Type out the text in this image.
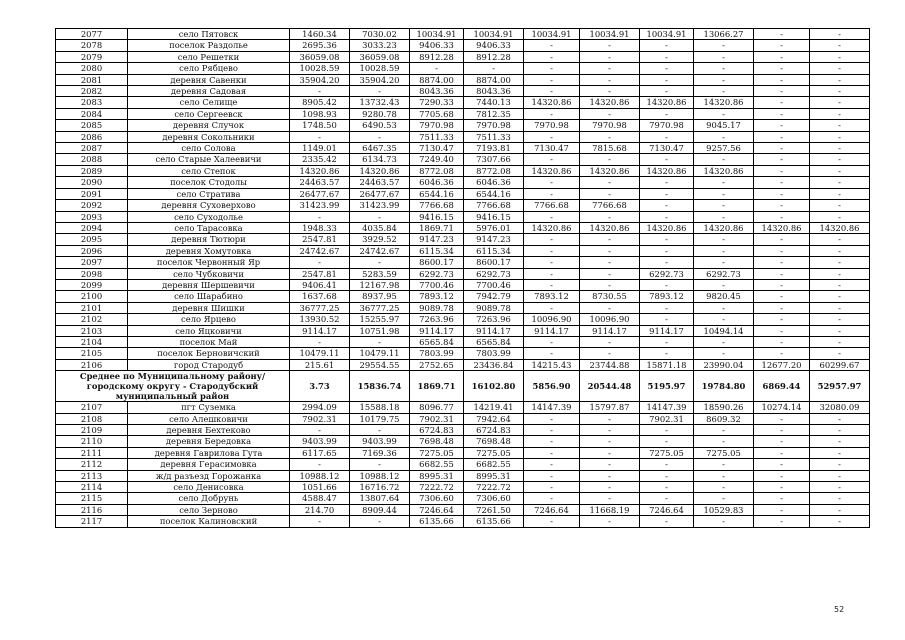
2077	село Пятовск	1460.34	7030.02	10034.91	10034.91	10034.91	10034.91	10034.91	13066.27	-	-
2078	поселок Раздолье	2695.36	3033.23	9406.33	9406.33	-	-	-	-	-	-
2079	село Решетки	36059.08	36059.08	8912.28	8912.28	-	-	-	-	-	-
2080	село Рябцево	10028.59	10028.59	-	-	-	-	-	-	-	-
2081	деревня Савенки	35904.20	35904.20	8874.00	8874.00	-	-	-	-	-	-
2082	деревня Садовая	-	-	8043.36	8043.36	-	-	-	-	-	-
2083	село Селище	8905.42	13732.43	7290.33	7440.13	14320.86	14320.86	14320.86	14320.86	-	-
2084	село Сергеевск	1098.93	9280.78	7705.68	7812.35	-	-	-	-	-	-
2085	деревня Случок	1748.50	6490.53	7970.98	7970.98	7970.98	7970.98	7970.98	9045.17	-	-
2086	деревня Сокольники	-	-	7511.33	7511.33	-	-	-	-	-	-
2087	село Солова	1149.01	6467.35	7130.47	7193.81	7130.47	7815.68	7130.47	9257.56	-	-
2088	село Старые Халеевичи	2335.42	6134.73	7249.40	7307.66	-	-	-	-	-	-
2089	село Степок	14320.86	14320.86	8772.08	8772.08	14320.86	14320.86	14320.86	14320.86	-	-
2090	поселок Стодолы	24463.57	24463.57	6046.36	6046.36	-	-	-	-	-	-
2091	село Стратива	26477.67	26477.67	6544.16	6544.16	-	-	-	-	-	-
2092	деревня Суховерхово	31423.99	31423.99	7766.68	7766.68	7766.68	7766.68	-	-	-	-
2093	село Суходолье	-	-	9416.15	9416.15	-	-	-	-	-	-
2094	село Тарасовка	1948.33	4035.84	1869.71	5976.01	14320.86	14320.86	14320.86	14320.86	14320.86	14320.86
2095	деревня Тютюри	2547.81	3929.52	9147.23	9147.23	-	-	-	-	-	-
2096	деревня Хомутовка	24742.67	24742.67	6115.34	6115.34	-	-	-	-	-	-
2097	поселок Червонный Яр	-	-	8600.17	8600.17	-	-	-	-	-	-
2098	село Чубковичи	2547.81	5283.59	6292.73	6292.73	-	-	6292.73	6292.73	-	-
2099	деревня Шершевичи	9406.41	12167.98	7700.46	7700.46	-	-	-	-	-	-
2100	село Шарабино	1637.68	8937.95	7893.12	7942.79	7893.12	8730.55	7893.12	9820.45	-	-
2101	деревня Шишки	36777.25	36777.25	9089.78	9089.78	-	-	-	-	-	-
2102	село Ярцево	13930.52	15255.97	7263.96	7263.96	10096.90	10096.90	-	-	-	-
2103	село Яцковичи	9114.17	10751.98	9114.17	9114.17	9114.17	9114.17	9114.17	10494.14	-	-
2104	поселок Май	-	-	6565.84	6565.84	-	-	-	-	-	-
2105	поселок Берновичский	10479.11	10479.11	7803.99	7803.99	-	-	-	-	-	-
2106	город Стародуб	215.61	29554.55	2752.65	23436.84	14215.43	23744.88	15871.18	23990.04	12677.20	60299.67
Среднее по Муниципальному району/городскому округу - Стародубский муниципальный район		3.73	15836.74	1869.71	16102.80	5856.90	20544.48	5195.97	19784.80	6869.44	52957.97
2107	пгт Суземка	2994.09	15588.18	8096.77	14219.41	14147.39	15797.87	14147.39	18590.26	10274.14	32080.09
2108	село Алешковичи	7902.31	10179.75	7902.31	7942.64	-	-	7902.31	8609.32	-	-
2109	деревня Бехтеково	-	-	6724.83	6724.83	-	-	-	-	-	-
2110	деревня Бередовка	9403.99	9403.99	7698.48	7698.48	-	-	-	-	-	-
2111	деревня Гаврилова Гута	6117.65	7169.36	7275.05	7275.05	-	-	7275.05	7275.05	-	-
2112	деревня Герасимовка	-	-	6682.55	6682.55	-	-	-	-	-	-
2113	ж/д разъезд Горожанка	10988.12	10988.12	8995.31	8995.31	-	-	-	-	-	-
2114	село Денисовка	1051.66	16716.72	7222.72	7222.72	-	-	-	-	-	-
2115	село Добрунь	4588.47	13807.64	7306.60	7306.60	-	-	-	-	-	-
2116	село Зерново	214.70	8909.44	7246.64	7261.50	7246.64	11668.19	7246.64	10529.83	-	-
2117	поселок Калиновский	-	-	6135.66	6135.66	-	-	-	-	-	-
52
